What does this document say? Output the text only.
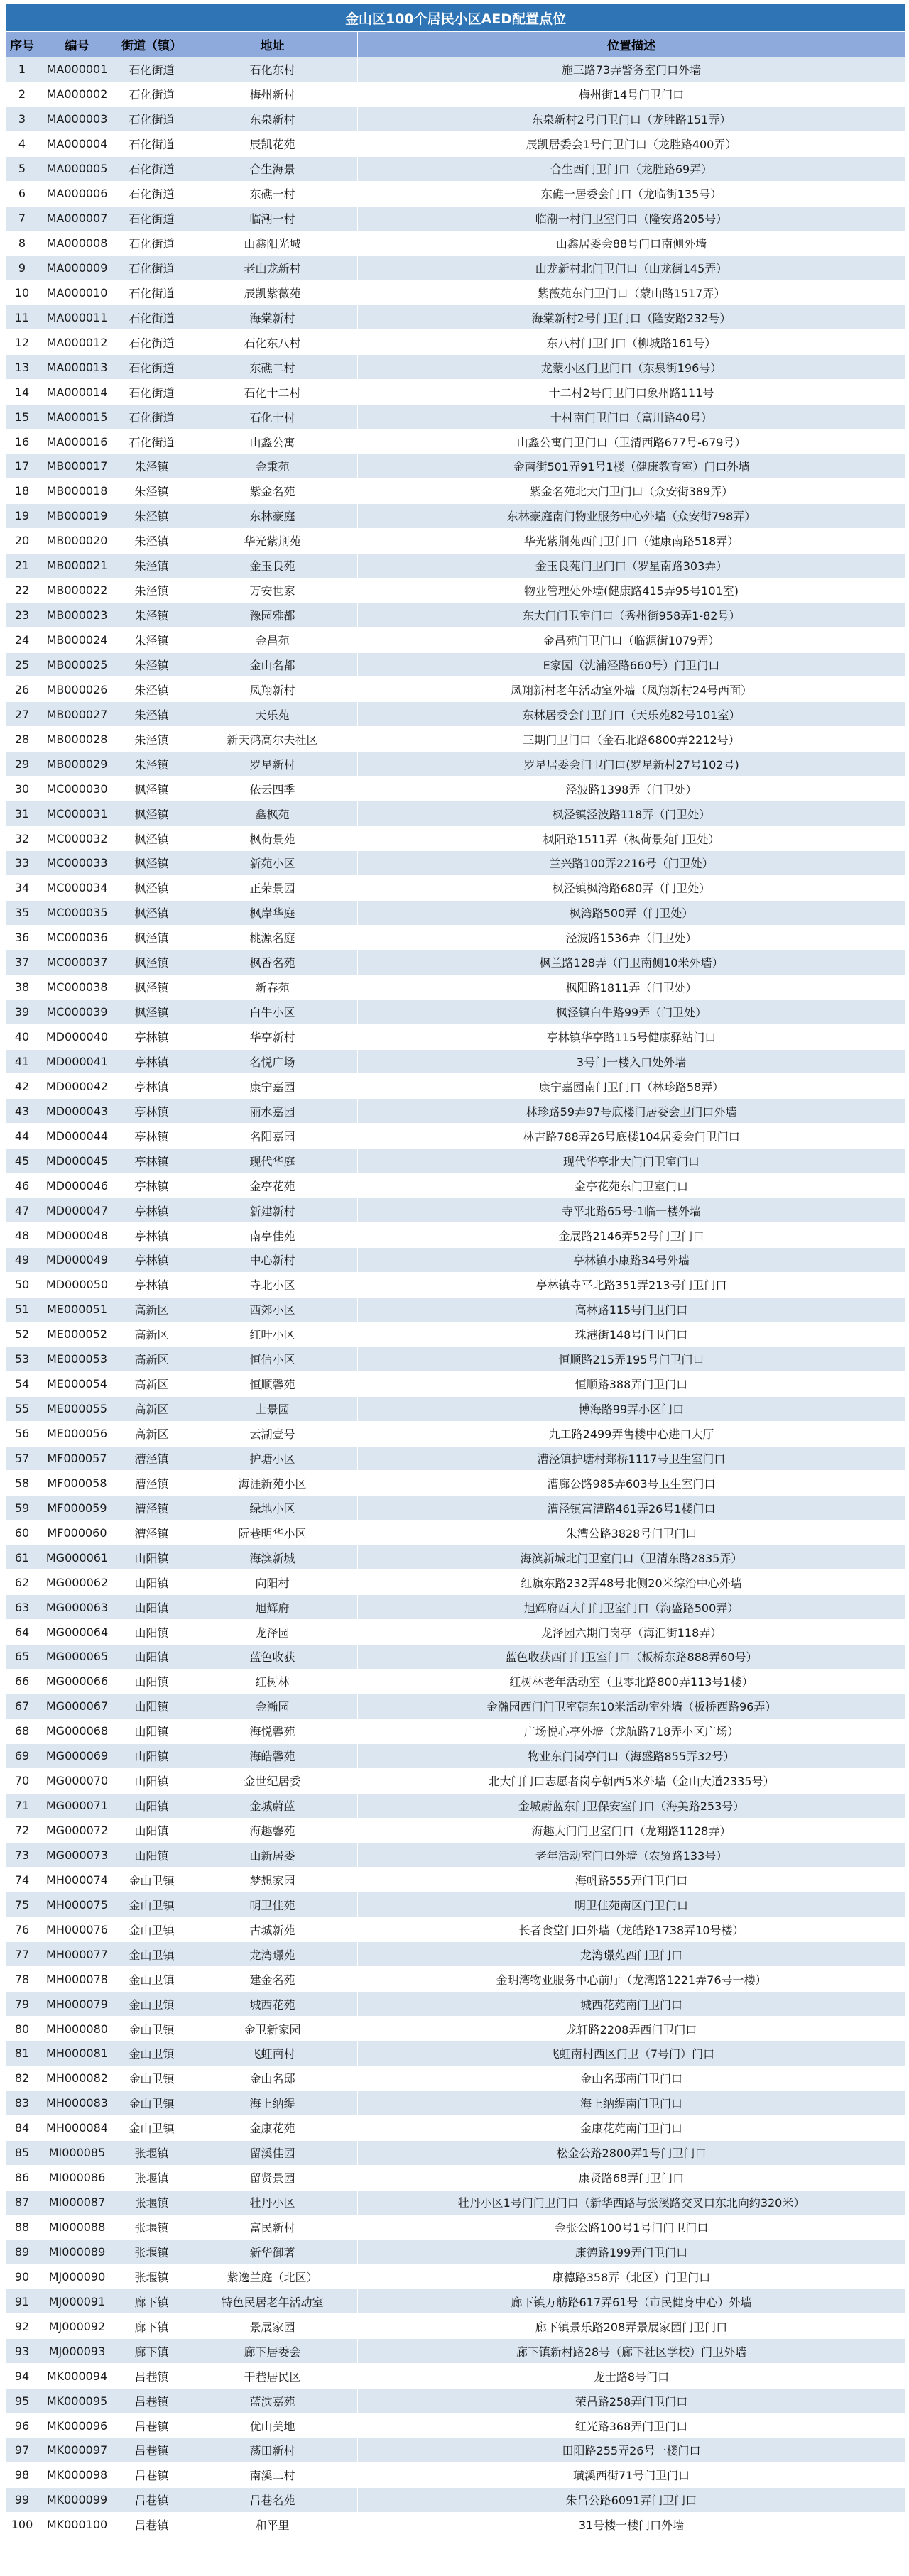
金山区100个居民小区AED配置点位				
序号	编号	街道（镇）	地址	位置描述
1	MA000001	石化街道	石化东村	施三路73弄警务室门口外墙
2	MA000002	石化街道	梅州新村	梅州街14号门卫门口
3	MA000003	石化街道	东泉新村	东泉新村2号门卫门口（龙胜路151弄）
4	MA000004	石化街道	辰凯花苑	辰凯居委会1号门卫门口（龙胜路400弄）
5	MA000005	石化街道	合生海景	合生西门卫门口（龙胜路69弄）
6	MA000006	石化街道	东礁一村	东礁一居委会门口（龙临街135号）
7	MA000007	石化街道	临潮一村	临潮一村门卫室门口（隆安路205号）
8	MA000008	石化街道	山鑫阳光城	山鑫居委会88号门口南侧外墙
9	MA000009	石化街道	老山龙新村	山龙新村北门卫门口（山龙街145弄）
10	MA000010	石化街道	辰凯紫薇苑	紫薇苑东门卫门口（蒙山路1517弄）
11	MA000011	石化街道	海棠新村	海棠新村2号门卫门口（隆安路232号）
12	MA000012	石化街道	石化东八村	东八村门卫门口（柳城路161号）
13	MA000013	石化街道	东礁二村	龙蒙小区门卫门口（东泉街196号）
14	MA000014	石化街道	石化十二村	十二村2号门卫门口象州路111号
15	MA000015	石化街道	石化十村	十村南门卫门口（富川路40号）
16	MA000016	石化街道	山鑫公寓	山鑫公寓门卫门口（卫清西路677号-679号）
17	MB000017	朱泾镇	金秉苑	金南街501弄91号1楼（健康教育室）门口外墙
18	MB000018	朱泾镇	紫金名苑	紫金名苑北大门卫门口（众安街389弄）
19	MB000019	朱泾镇	东林豪庭	东林豪庭南门物业服务中心外墙（众安街798弄）
20	MB000020	朱泾镇	华光紫荆苑	华光紫荆苑西门卫门口（健康南路518弄）
21	MB000021	朱泾镇	金玉良苑	金玉良苑门卫门口（罗星南路303弄）
22	MB000022	朱泾镇	万安世家	物业管理处外墙(健康路415弄95号101室)
23	MB000023	朱泾镇	豫园雅都	东大门门卫室门口（秀州街958弄1-82号）
24	MB000024	朱泾镇	金昌苑	金昌苑门卫门口（临源街1079弄）
25	MB000025	朱泾镇	金山名都	E家园（沈浦泾路660号）门卫门口
26	MB000026	朱泾镇	凤翔新村	凤翔新村老年活动室外墙（凤翔新村24号西面）
27	MB000027	朱泾镇	天乐苑	东林居委会门卫门口（天乐苑82号101室）
28	MB000028	朱泾镇	新天鸿高尔夫社区	三期门卫门口（金石北路6800弄2212号）
29	MB000029	朱泾镇	罗星新村	罗星居委会门卫门口(罗星新村27号102号)
30	MC000030	枫泾镇	依云四季	泾波路1398弄（门卫处）
31	MC000031	枫泾镇	鑫枫苑	枫泾镇泾波路118弄（门卫处）
32	MC000032	枫泾镇	枫荷景苑	枫阳路1511弄（枫荷景苑门卫处）
33	MC000033	枫泾镇	新苑小区	兰兴路100弄2216号（门卫处）
34	MC000034	枫泾镇	正荣景园	枫泾镇枫湾路680弄（门卫处）
35	MC000035	枫泾镇	枫岸华庭	枫湾路500弄（门卫处）
36	MC000036	枫泾镇	桃源名庭	泾波路1536弄（门卫处）
37	MC000037	枫泾镇	枫香名苑	枫兰路128弄（门卫南侧10米外墙）
38	MC000038	枫泾镇	新春苑	枫阳路1811弄（门卫处）
39	MC000039	枫泾镇	白牛小区	枫泾镇白牛路99弄（门卫处）
40	MD000040	亭林镇	华亭新村	亭林镇华亭路115号健康驿站门口
41	MD000041	亭林镇	名悦广场	3号门一楼入口处外墙
42	MD000042	亭林镇	康宁嘉园	康宁嘉园南门卫门口（林珍路58弄）
43	MD000043	亭林镇	丽水嘉园	林珍路59弄97号底楼门居委会卫门口外墙
44	MD000044	亭林镇	名阳嘉园	林吉路788弄26号底楼104居委会门卫门口
45	MD000045	亭林镇	现代华庭	现代华亭北大门门卫室门口
46	MD000046	亭林镇	金亭花苑	金亭花苑东门卫室门口
47	MD000047	亭林镇	新建新村	寺平北路65号-1临一楼外墙
48	MD000048	亭林镇	南亭佳苑	金展路2146弄52号门卫门口
49	MD000049	亭林镇	中心新村	亭林镇小康路34号外墙
50	MD000050	亭林镇	寺北小区	亭林镇寺平北路351弄213号门卫门口
51	ME000051	高新区	西郊小区	高林路115号门卫门口
52	ME000052	高新区	红叶小区	珠港街148号门卫门口
53	ME000053	高新区	恒信小区	恒顺路215弄195号门卫门口
54	ME000054	高新区	恒顺馨苑	恒顺路388弄门卫门口
55	ME000055	高新区	上景园	博海路99弄小区门口
56	ME000056	高新区	云湖壹号	九工路2499弄售楼中心进口大厅
57	MF000057	漕泾镇	护塘小区	漕泾镇护塘村郑桥1117号卫生室门口
58	MF000058	漕泾镇	海涯新苑小区	漕廊公路985弄603号卫生室门口
59	MF000059	漕泾镇	绿地小区	漕泾镇富漕路461弄26号1楼门口
60	MF000060	漕泾镇	阮巷明华小区	朱漕公路3828号门卫门口
61	MG000061	山阳镇	海滨新城	海滨新城北门卫室门口（卫清东路2835弄）
62	MG000062	山阳镇	向阳村	红旗东路232弄48号北侧20米综治中心外墙
63	MG000063	山阳镇	旭辉府	旭辉府西大门门卫室门口（海盛路500弄）
64	MG000064	山阳镇	龙泽园	龙泽园六期门岗亭（海汇街118弄）
65	MG000065	山阳镇	蓝色收获	蓝色收获西门门卫室门口（板桥东路888弄60号）
66	MG000066	山阳镇	红树林	红树林老年活动室（卫零北路800弄113号1楼）
67	MG000067	山阳镇	金瀚园	金瀚园西门门卫室朝东10米活动室外墙（板桥西路96弄）
68	MG000068	山阳镇	海悦馨苑	广场悦心亭外墙（龙航路718弄小区广场）
69	MG000069	山阳镇	海皓馨苑	物业东门岗亭门口（海盛路855弄32号）
70	MG000070	山阳镇	金世纪居委	北大门门口志愿者岗亭朝西5米外墙（金山大道2335号）
71	MG000071	山阳镇	金城蔚蓝	金城蔚蓝东门卫保安室门口（海美路253号）
72	MG000072	山阳镇	海趣馨苑	海趣大门门卫室门口（龙翔路1128弄）
73	MG000073	山阳镇	山新居委	老年活动室门口外墙（农贸路133号）
74	MH000074	金山卫镇	梦想家园	海帆路555弄门卫门口
75	MH000075	金山卫镇	明卫佳苑	明卫佳苑南区门卫门口
76	MH000076	金山卫镇	古城新苑	长者食堂门口外墙（龙皓路1738弄10号楼）
77	MH000077	金山卫镇	龙湾璟苑	龙湾璟苑西门卫门口
78	MH000078	金山卫镇	建金名苑	金玥湾物业服务中心前厅（龙湾路1221弄76号一楼）
79	MH000079	金山卫镇	城西花苑	城西花苑南门卫门口
80	MH000080	金山卫镇	金卫新家园	龙轩路2208弄西门卫门口
81	MH000081	金山卫镇	飞虹南村	飞虹南村西区门卫（7号门）门口
82	MH000082	金山卫镇	金山名邸	金山名邸南门卫门口
83	MH000083	金山卫镇	海上纳缇	海上纳缇南门卫门口
84	MH000084	金山卫镇	金康花苑	金康花苑南门卫门口
85	MI000085	张堰镇	留溪佳园	松金公路2800弄1号门卫门口
86	MI000086	张堰镇	留贤景园	康贤路68弄门卫门口
87	MI000087	张堰镇	牡丹小区	牡丹小区1号门门卫门口（新华西路与张溪路交叉口东北向约320米）
88	MI000088	张堰镇	富民新村	金张公路100号1号门门卫门口
89	MI000089	张堰镇	新华御著	康德路199弄门卫门口
90	MJ000090	张堰镇	紫逸兰庭（北区）	康德路358弄（北区）门卫门口
91	MJ000091	廊下镇	特色民居老年活动室	廊下镇万舫路617弄61号（市民健身中心）外墙
92	MJ000092	廊下镇	景展家园	廊下镇景乐路208弄景展家园门卫门口
93	MJ000093	廊下镇	廊下居委会	廊下镇新村路28号（廊下社区学校）门卫外墙
94	MK000094	吕巷镇	干巷居民区	龙士路8号门口
95	MK000095	吕巷镇	蓝滨嘉苑	荣昌路258弄门卫门口
96	MK000096	吕巷镇	优山美地	红光路368弄门卫门口
97	MK000097	吕巷镇	荡田新村	田阳路255弄26号一楼门口
98	MK000098	吕巷镇	南溪二村	璜溪西街71号门卫门口
99	MK000099	吕巷镇	吕巷名苑	朱吕公路6091弄门卫门口
100	MK000100	吕巷镇	和平里	31号楼一楼门口外墙
